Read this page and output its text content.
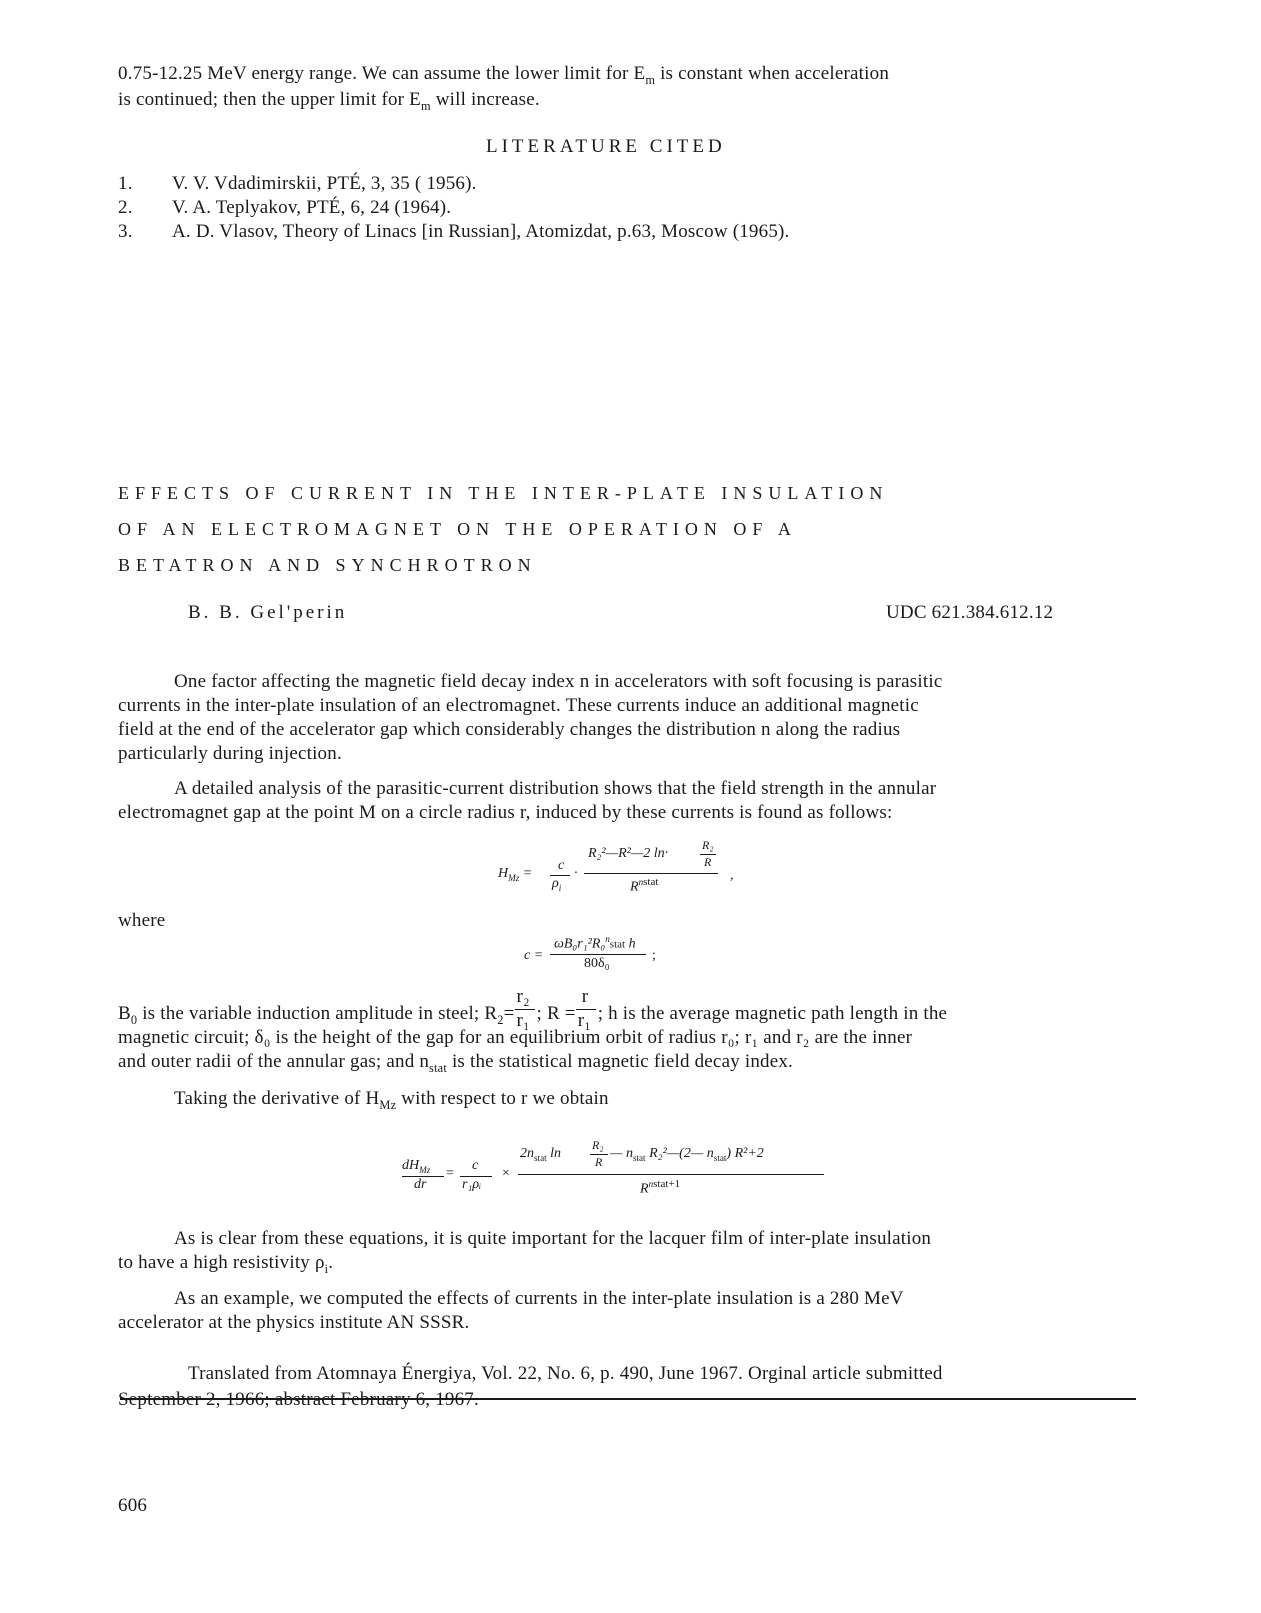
0.75-12.25 MeV energy range. We can assume the lower limit for $E_m$ is constant when acceleration
is continued; then the upper limit for $E_m$ will increase.
LITERATURE CITED
1. V. V. Vdadimirskii, PTÉ, 3, 35 ( 1956).
2. V. A. Teplyakov, PTÉ, 6, 24 (1964).
3. A. D. Vlasov, Theory of Linacs [in Russian], Atomizdat, p.63, Moscow (1965).
EFFECTS OF CURRENT IN THE INTER-PLATE INSULATION
OF AN ELECTROMAGNET ON THE OPERATION OF A
BETATRON AND SYNCHROTRON
B. B. Gel'perin	UDC 621.384.612.12
One factor affecting the magnetic field decay index n in accelerators with soft focusing is parasitic
currents in the inter-plate insulation of an electromagnet. These currents induce an additional magnetic
field at the end of the accelerator gap which considerably changes the distribution n along the radius
particularly during injection.
A detailed analysis of the parasitic-current distribution shows that the field strength in the annular
electromagnet gap at the point M on a circle radius r, induced by these currents is found as follows:
$H_{Mz}$ =
c
$\rho_i$
·
R₂²—R²—2 ln·
R₂
R
$R^{nstat}$	,
where
c =
ωB₀r₁²R₀$^n$stat h
80δ₀
;
$B_0$ is the variable induction amplitude in steel; $R_2= \frac{\text{r₂}}{\text{r₁}}$ ; $R = \frac{r}{\text{r₁}}$ ; h is the average magnetic path length in the
magnetic circuit; δ₀ is the height of the gap for an equilibrium orbit of radius r₀; r₁ and r₂ are the inner
and outer radii of the annular gas; and $n_{stat}$ is the statistical magnetic field decay index.
Taking the derivative of $H_{Mz}$ with respect to r we obtain
$dH_{Mz}$
dr
=
c
r₁ρᵢ
×
$2n_{stat}$ ln
R₂
R
— $n_{stat}$ R₂²—(2— $n_{stat}$) R²+2
$R^{nstat+1}$
As is clear from these equations, it is quite important for the lacquer film of inter-plate insulation
to have a high resistivity $\rho_i$.
As an example, we computed the effects of currents in the inter-plate insulation is a 280 MeV
accelerator at the physics institute AN SSSR.
Translated from Atomnaya Énergiya, Vol. 22, No. 6, p. 490, June 1967. Orginal article submitted
September 2, 1966; abstract February 6, 1967.
606
